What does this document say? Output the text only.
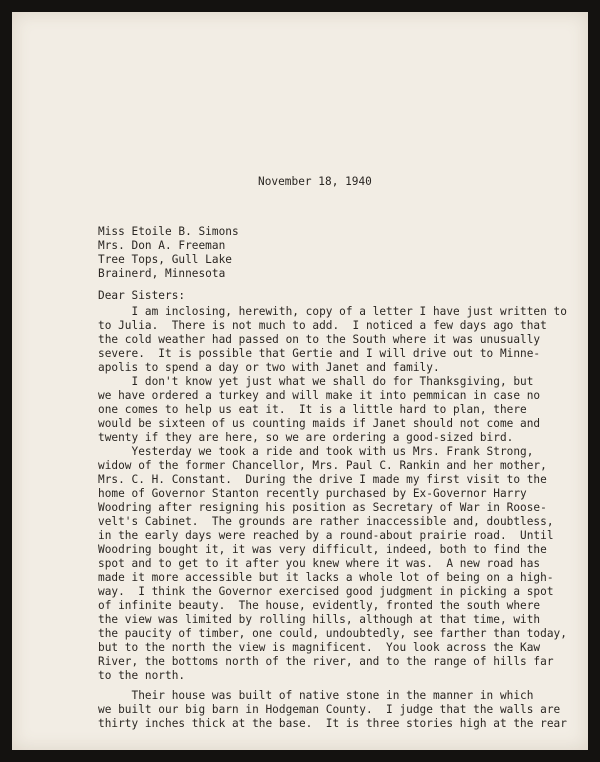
November 18, 1940
Miss Etoile B. Simons
Mrs. Don A. Freeman
Tree Tops, Gull Lake
Brainerd, Minnesota
Dear Sisters:
I am inclosing, herewith, copy of a letter I have just written to
to Julia.  There is not much to add.  I noticed a few days ago that
the cold weather had passed on to the South where it was unusually
severe.  It is possible that Gertie and I will drive out to Minne-
apolis to spend a day or two with Janet and family.
I don't know yet just what we shall do for Thanksgiving, but
we have ordered a turkey and will make it into pemmican in case no
one comes to help us eat it.  It is a little hard to plan, there
would be sixteen of us counting maids if Janet should not come and
twenty if they are here, so we are ordering a good-sized bird.
Yesterday we took a ride and took with us Mrs. Frank Strong,
widow of the former Chancellor, Mrs. Paul C. Rankin and her mother,
Mrs. C. H. Constant.  During the drive I made my first visit to the
home of Governor Stanton recently purchased by Ex-Governor Harry
Woodring after resigning his position as Secretary of War in Roose-
velt's Cabinet.  The grounds are rather inaccessible and, doubtless,
in the early days were reached by a round-about prairie road.  Until
Woodring bought it, it was very difficult, indeed, both to find the
spot and to get to it after you knew where it was.  A new road has
made it more accessible but it lacks a whole lot of being on a high-
way.  I think the Governor exercised good judgment in picking a spot
of infinite beauty.  The house, evidently, fronted the south where
the view was limited by rolling hills, although at that time, with
the paucity of timber, one could, undoubtedly, see farther than today,
but to the north the view is magnificent.  You look across the Kaw
River, the bottoms north of the river, and to the range of hills far
to the north.
Their house was built of native stone in the manner in which
we built our big barn in Hodgeman County.  I judge that the walls are
thirty inches thick at the base.  It is three stories high at the rear
